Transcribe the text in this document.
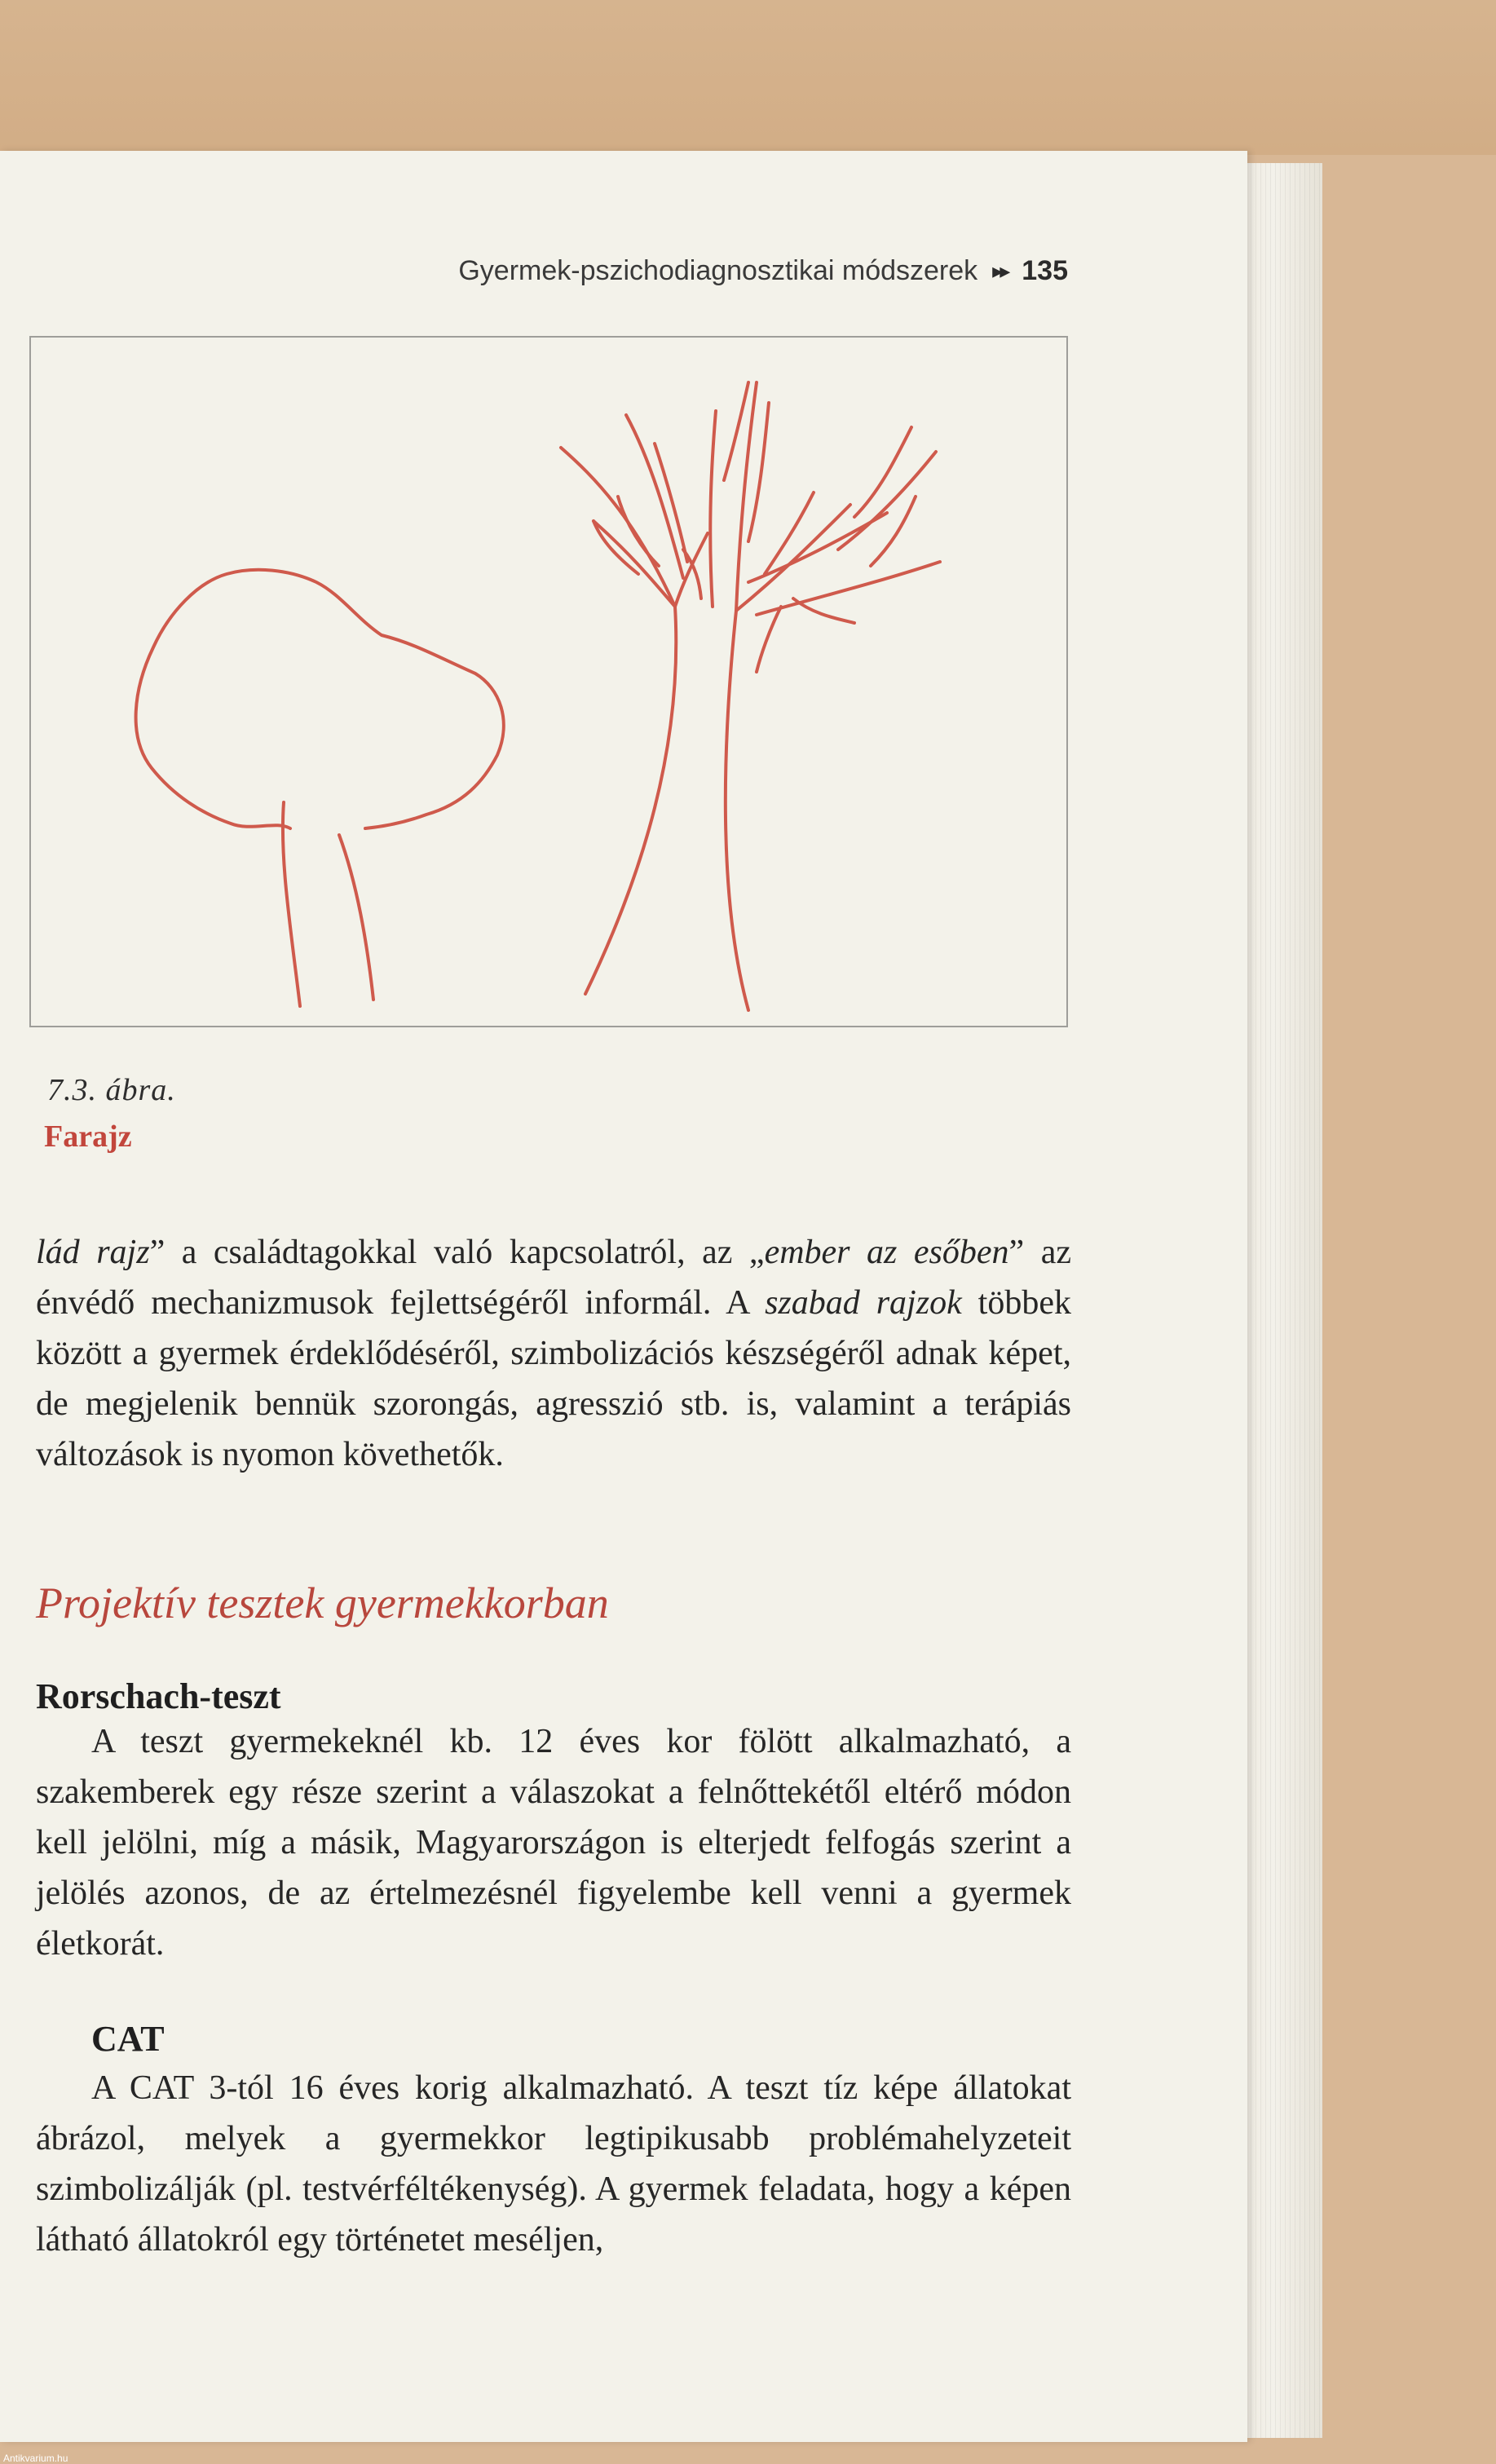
Gyermek-pszichodiagnosztikai módszerek ▸▸ 135
7.3. ábra.
Farajz

lád rajz” a családtagokkal való kapcsolatról, az „ember az esőben” az énvédő mechanizmusok fejlettségéről informál. A szabad rajzok többek között a gyermek érdeklődéséről, szimbolizációs készségéről adnak képet, de megjelenik bennük szorongás, agresszió stb. is, valamint a terápiás változások is nyomon követhetők.

Projektív tesztek gyermekkorban
Rorschach-teszt

A teszt gyermekeknél kb. 12 éves kor fölött alkalmazható, a szakemberek egy része szerint a válaszokat a felnőttekétől eltérő módon kell jelölni, míg a másik, Magyarországon is elterjedt felfogás szerint a jelölés azonos, de az értelmezésnél figyelembe kell venni a gyermek életkorát.

CAT

A CAT 3-tól 16 éves korig alkalmazható. A teszt tíz képe állatokat ábrázol, melyek a gyermekkor legtipikusabb problémahelyzeteit szimbolizálják (pl. testvérféltékenység). A gyermek feladata, hogy a képen látható állatokról egy történetet meséljen,

Antikvarium.hu
